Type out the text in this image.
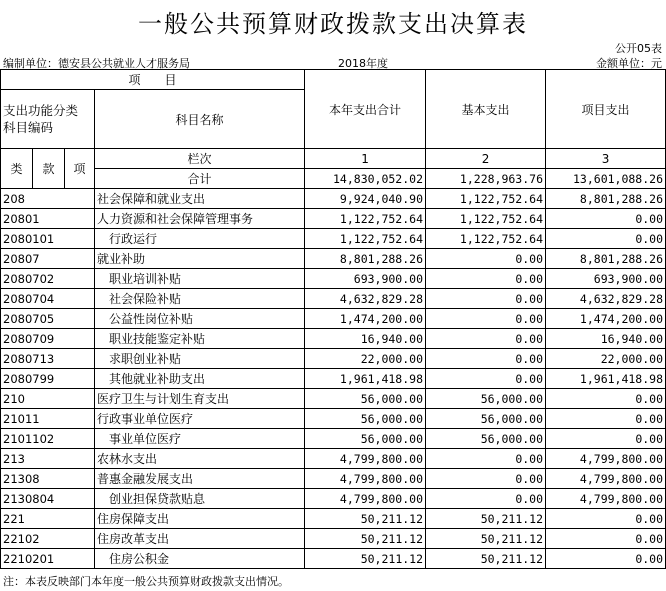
一般公共预算财政拨款支出决算表
公开05表
编制单位：德安县公共就业人才服务局	2018年度	金额单位：元
项　　目				本年支出合计	基本支出	项目支出
支出功能分类
科目编码			科目名称			

类	款	项	栏次	1	2	3
			合计	14,830,052.02	1,228,963.76	13,601,088.26
208			社会保障和就业支出	9,924,040.90	1,122,752.64	8,801,288.26
20801			人力资源和社会保障管理事务	1,122,752.64	1,122,752.64	0.00
2080101			行政运行	1,122,752.64	1,122,752.64	0.00
20807			就业补助	8,801,288.26	0.00	8,801,288.26
2080702			职业培训补贴	693,900.00	0.00	693,900.00
2080704			社会保险补贴	4,632,829.28	0.00	4,632,829.28
2080705			公益性岗位补贴	1,474,200.00	0.00	1,474,200.00
2080709			职业技能鉴定补贴	16,940.00	0.00	16,940.00
2080713			求职创业补贴	22,000.00	0.00	22,000.00
2080799			其他就业补助支出	1,961,418.98	0.00	1,961,418.98
210			医疗卫生与计划生育支出	56,000.00	56,000.00	0.00
21011			行政事业单位医疗	56,000.00	56,000.00	0.00
2101102			事业单位医疗	56,000.00	56,000.00	0.00
213			农林水支出	4,799,800.00	0.00	4,799,800.00
21308			普惠金融发展支出	4,799,800.00	0.00	4,799,800.00
2130804			创业担保贷款贴息	4,799,800.00	0.00	4,799,800.00
221			住房保障支出	50,211.12	50,211.12	0.00
22102			住房改革支出	50,211.12	50,211.12	0.00
2210201			住房公积金	50,211.12	50,211.12	0.00
注：本表反映部门本年度一般公共预算财政拨款支出情况。
